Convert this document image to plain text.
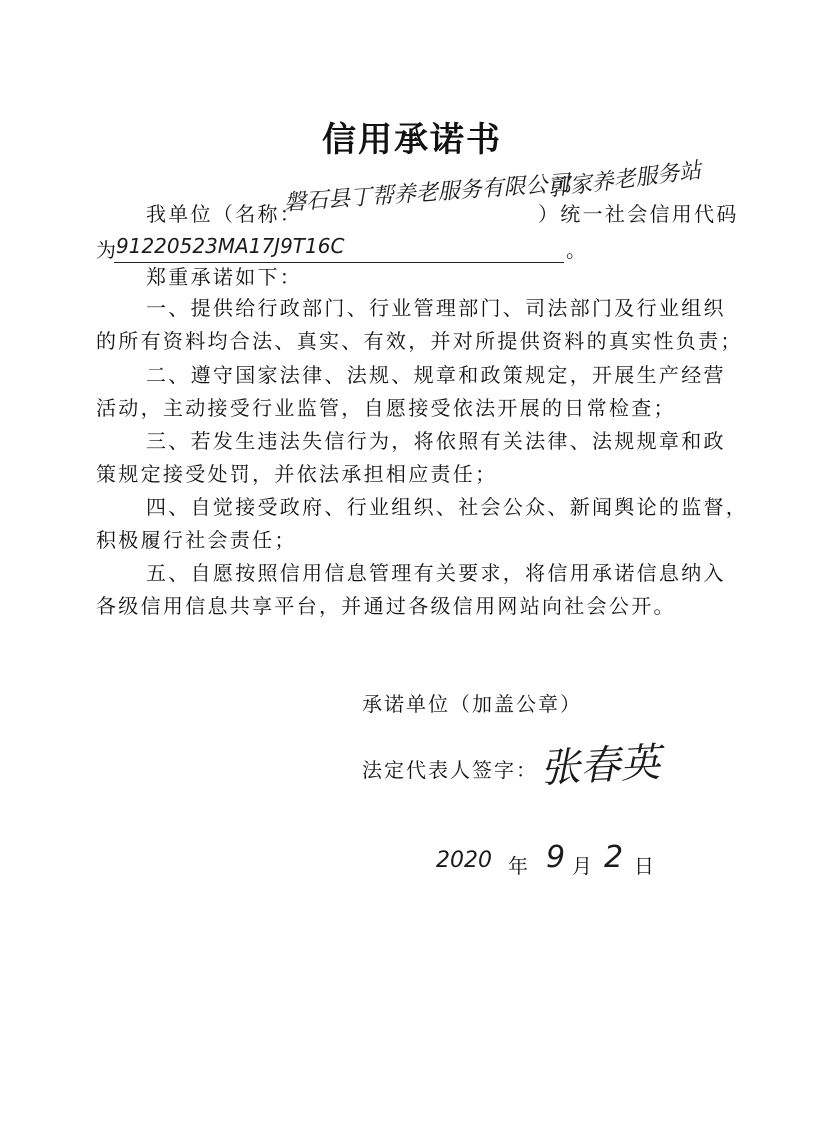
信用承诺书
我单位（名称：
磐石县丁帮养老服务有限公司
郭家养老服务站
）统一社会信用代码
为
91220523MA17J9T16C	。
郑重承诺如下：
一、提供给行政部门、行业管理部门、司法部门及行业组织
的所有资料均合法、真实、有效，并对所提供资料的真实性负责；
二、遵守国家法律、法规、规章和政策规定，开展生产经营
活动，主动接受行业监管，自愿接受依法开展的日常检查；
三、若发生违法失信行为，将依照有关法律、法规规章和政
策规定接受处罚，并依法承担相应责任；
四、自觉接受政府、行业组织、社会公众、新闻舆论的监督，
积极履行社会责任；
五、自愿按照信用信息管理有关要求，将信用承诺信息纳入
各级信用信息共享平台，并通过各级信用网站向社会公开。
承诺单位（加盖公章）
法定代表人签字： 张春英
2020 年 9 月 2 日
